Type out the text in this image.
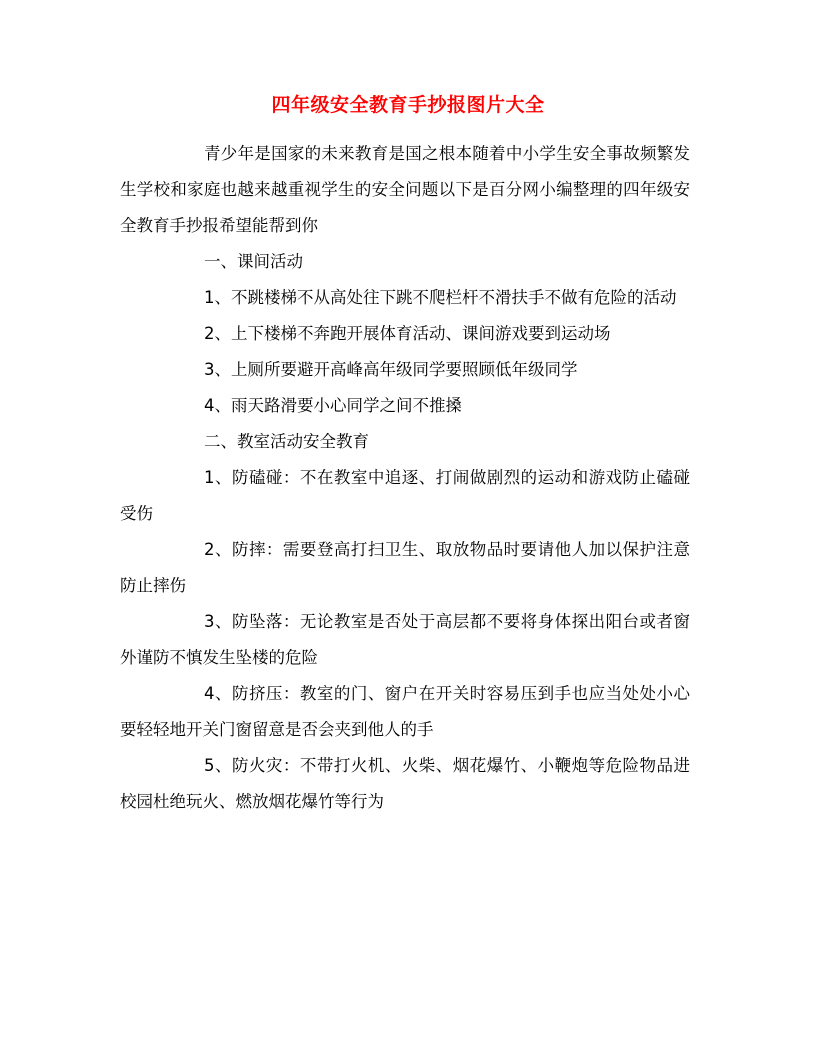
四年级安全教育手抄报图片大全

青少年是国家的未来教育是国之根本随着中小学生安全事故频繁发生学校和家庭也越来越重视学生的安全问题以下是百分网小编整理的四年级安全教育手抄报希望能帮到你

一、课间活动

1、不跳楼梯不从高处往下跳不爬栏杆不滑扶手不做有危险的活动

2、上下楼梯不奔跑开展体育活动、课间游戏要到运动场

3、上厕所要避开高峰高年级同学要照顾低年级同学

4、雨天路滑要小心同学之间不推搡

二、教室活动安全教育

1、防磕碰：不在教室中追逐、打闹做剧烈的运动和游戏防止磕碰受伤

2、防摔：需要登高打扫卫生、取放物品时要请他人加以保护注意防止摔伤

3、防坠落：无论教室是否处于高层都不要将身体探出阳台或者窗外谨防不慎发生坠楼的危险

4、防挤压：教室的门、窗户在开关时容易压到手也应当处处小心要轻轻地开关门窗留意是否会夹到他人的手

5、防火灾：不带打火机、火柴、烟花爆竹、小鞭炮等危险物品进校园杜绝玩火、燃放烟花爆竹等行为
